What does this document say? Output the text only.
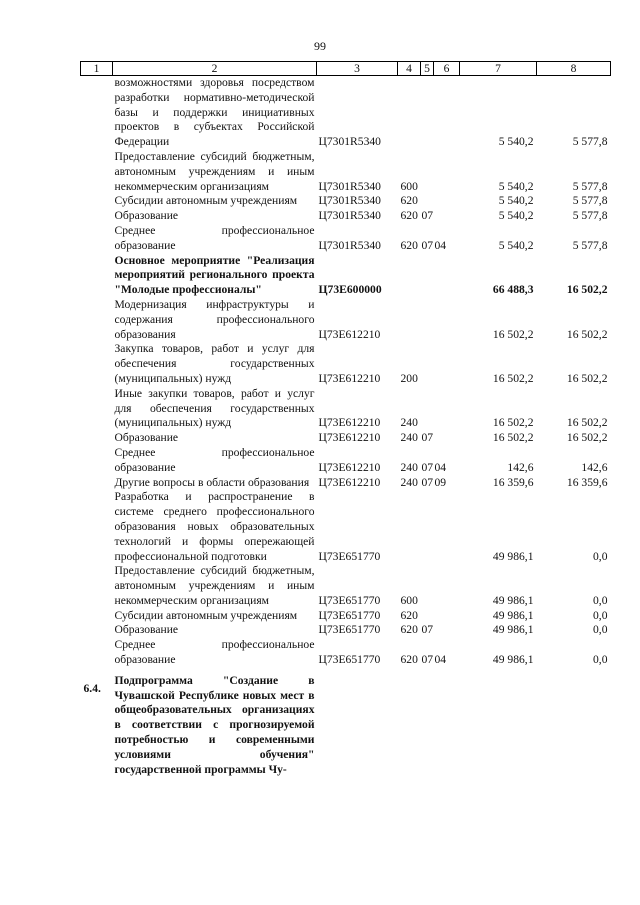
99
1	2	3	4	5	6	7	8
	возможностями здоровья посредством разработки нормативно-методической базы и поддержки инициативных проектов в субъектах Российской Федерации	Ц7301R5340				5 540,2	5 577,8
	Предоставление субсидий бюджетным, автономным учреждениям и иным некоммерческим организациям	Ц7301R5340	600			5 540,2	5 577,8
	Субсидии автономным учреждениям	Ц7301R5340	620			5 540,2	5 577,8
	Образование	Ц7301R5340	620	07		5 540,2	5 577,8
	Среднее профессиональное образование	Ц7301R5340	620	07	04	5 540,2	5 577,8
	Основное мероприятие "Реализация мероприятий регионального проекта "Молодые профессионалы"	Ц73Е600000				66 488,3	16 502,2
	Модернизация инфраструктуры и содержания профессионального образования	Ц73Е612210				16 502,2	16 502,2
	Закупка товаров, работ и услуг для обеспечения государственных (муниципальных) нужд	Ц73Е612210	200			16 502,2	16 502,2
	Иные закупки товаров, работ и услуг для обеспечения государственных (муниципальных) нужд	Ц73Е612210	240			16 502,2	16 502,2
	Образование	Ц73Е612210	240	07		16 502,2	16 502,2
	Среднее профессиональное образование	Ц73Е612210	240	07	04	142,6	142,6
	Другие вопросы в области образования	Ц73Е612210	240	07	09	16 359,6	16 359,6
	Разработка и распространение в системе среднего профессионального образования новых образовательных технологий и формы опережающей профессиональной подготовки	Ц73Е651770				49 986,1	0,0
	Предоставление субсидий бюджетным, автономным учреждениям и иным некоммерческим организациям	Ц73Е651770	600			49 986,1	0,0
	Субсидии автономным учреждениям	Ц73Е651770	620			49 986,1	0,0
	Образование	Ц73Е651770	620	07		49 986,1	0,0
	Среднее профессиональное образование	Ц73Е651770	620	07	04	49 986,1	0,0

6.4.	Подпрограмма "Создание в Чувашской Республике новых мест в общеобразовательных организациях в соответствии с прогнозируемой потребностью и современными условиями обучения" государственной программы Чу-						
